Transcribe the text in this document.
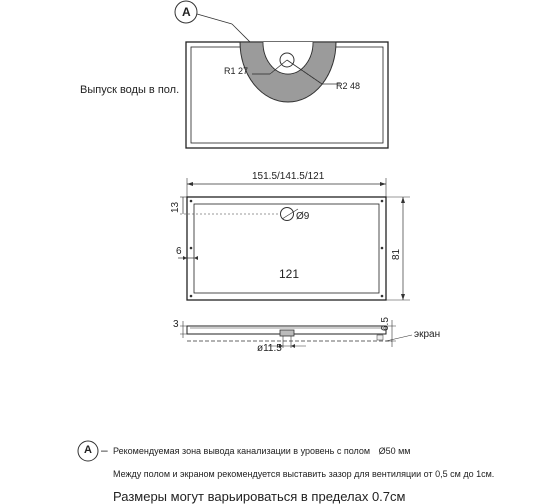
A
R1 27
R2 48
Выпуск воды в пол.
151.5/141.5/121
13
6
Ø9
121
81
3	6.5
экран
ø11.5
A – Рекомендуемая зона вывода канализации в уровень с полом Ø50 мм
Между полом и экраном рекомендуется выставить зазор для вентиляции от 0,5 см до 1см.
Размеры могут варьироваться в пределах 0.7см
